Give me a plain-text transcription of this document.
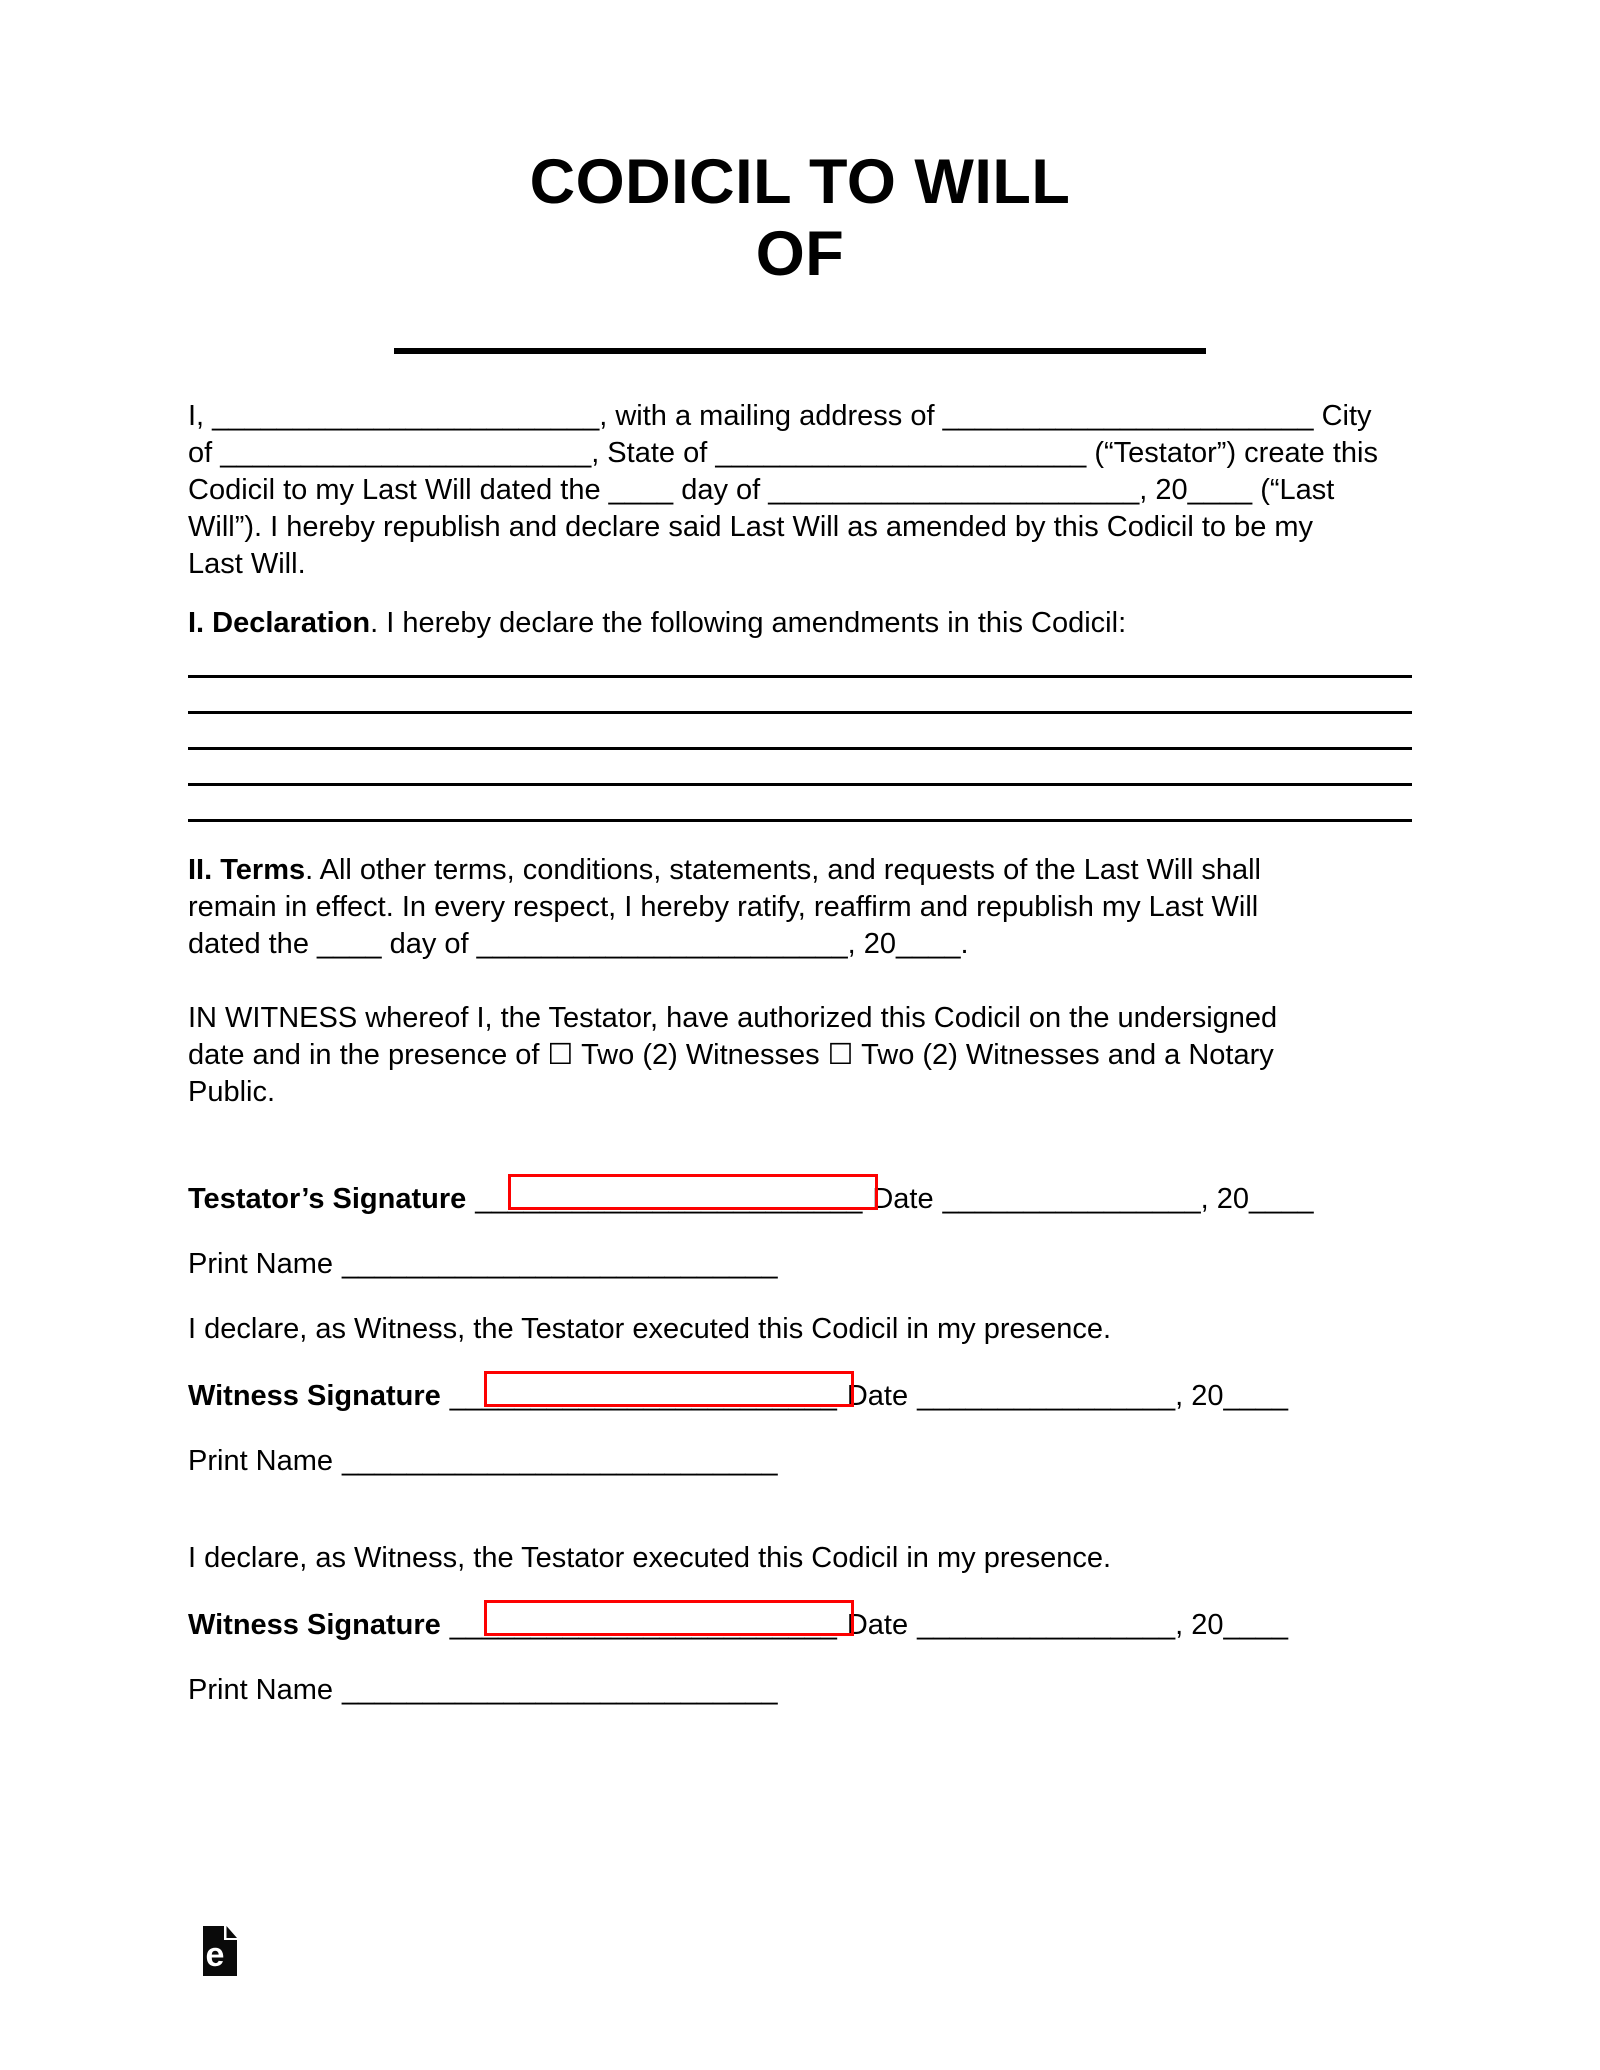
CODICIL TO WILL
OF
I, ________________________, with a mailing address of _______________________ City
of _______________________, State of _______________________ (“Testator”) create this
Codicil to my Last Will dated the ____ day of _______________________, 20____ (“Last
Will”). I hereby republish and declare said Last Will as amended by this Codicil to be my
Last Will.
I. Declaration. I hereby declare the following amendments in this Codicil:
II. Terms. All other terms, conditions, statements, and requests of the Last Will shall
remain in effect. In every respect, I hereby ratify, reaffirm and republish my Last Will
dated the ____ day of _______________________, 20____.
IN WITNESS whereof I, the Testator, have authorized this Codicil on the undersigned
date and in the presence of ☐ Two (2) Witnesses ☐ Two (2) Witnesses and a Notary
Public.
Testator’s Signature ________________________ Date ________________, 20____
Print Name ___________________________
I declare, as Witness, the Testator executed this Codicil in my presence.
Witness Signature ________________________ Date ________________, 20____
Print Name ___________________________
I declare, as Witness, the Testator executed this Codicil in my presence.
Witness Signature ________________________ Date ________________, 20____
Print Name ___________________________
e
